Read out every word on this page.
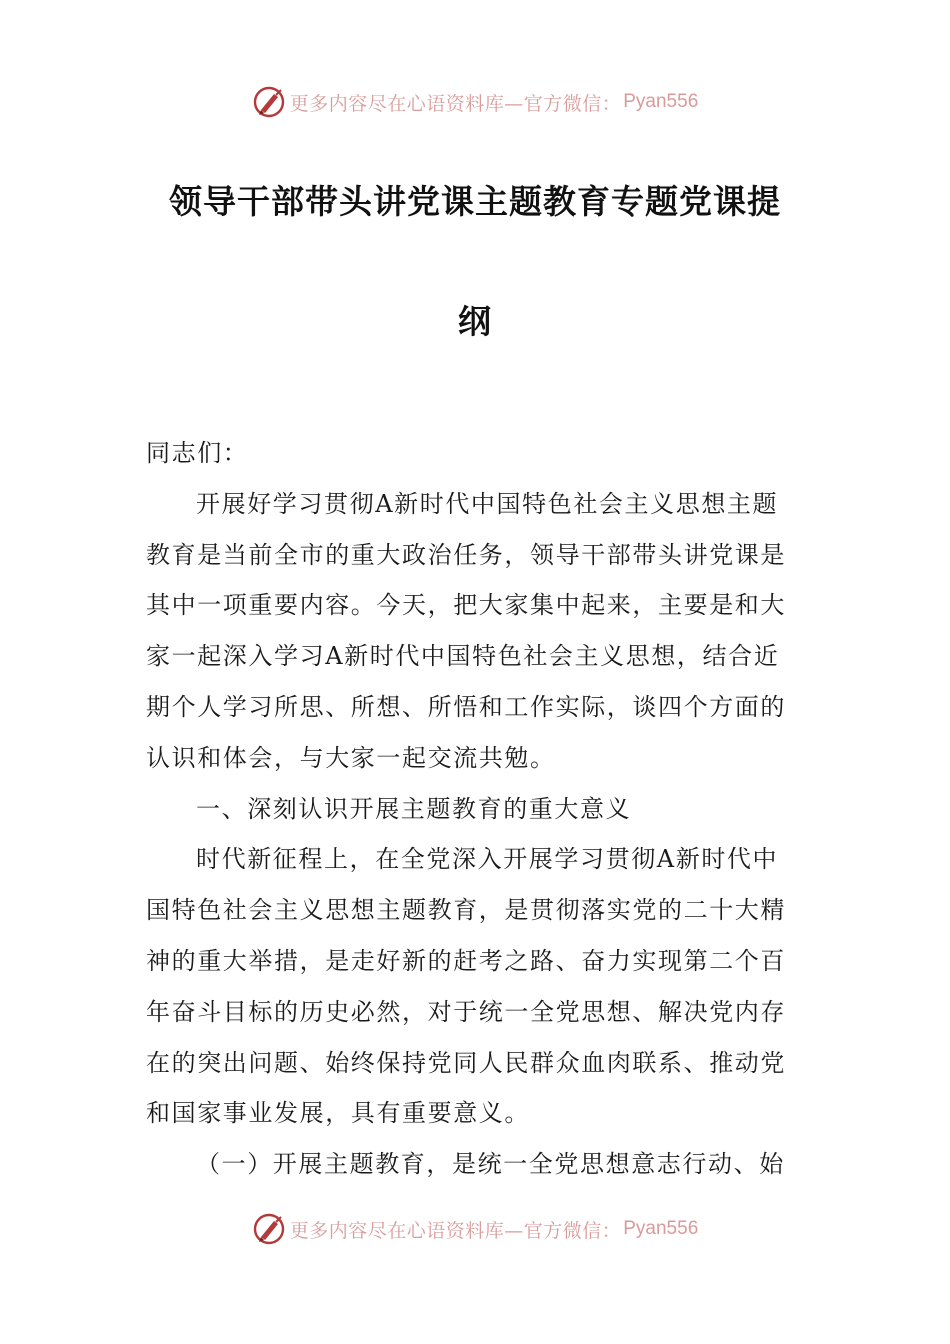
更多内容尽在心语资料库—官方微信： Pyan556
领导干部带头讲党课主题教育专题党课提
纲
同志们：
开展好学习贯彻A新时代中国特色社会主义思想主题
教育是当前全市的重大政治任务，领导干部带头讲党课是
其中一项重要内容。今天，把大家集中起来，主要是和大
家一起深入学习A新时代中国特色社会主义思想，结合近
期个人学习所思、所想、所悟和工作实际，谈四个方面的
认识和体会，与大家一起交流共勉。
一、深刻认识开展主题教育的重大意义
时代新征程上，在全党深入开展学习贯彻A新时代中
国特色社会主义思想主题教育，是贯彻落实党的二十大精
神的重大举措，是走好新的赶考之路、奋力实现第二个百
年奋斗目标的历史必然，对于统一全党思想、解决党内存
在的突出问题、始终保持党同人民群众血肉联系、推动党
和国家事业发展，具有重要意义。
（一）开展主题教育，是统一全党思想意志行动、始
更多内容尽在心语资料库—官方微信： Pyan556
